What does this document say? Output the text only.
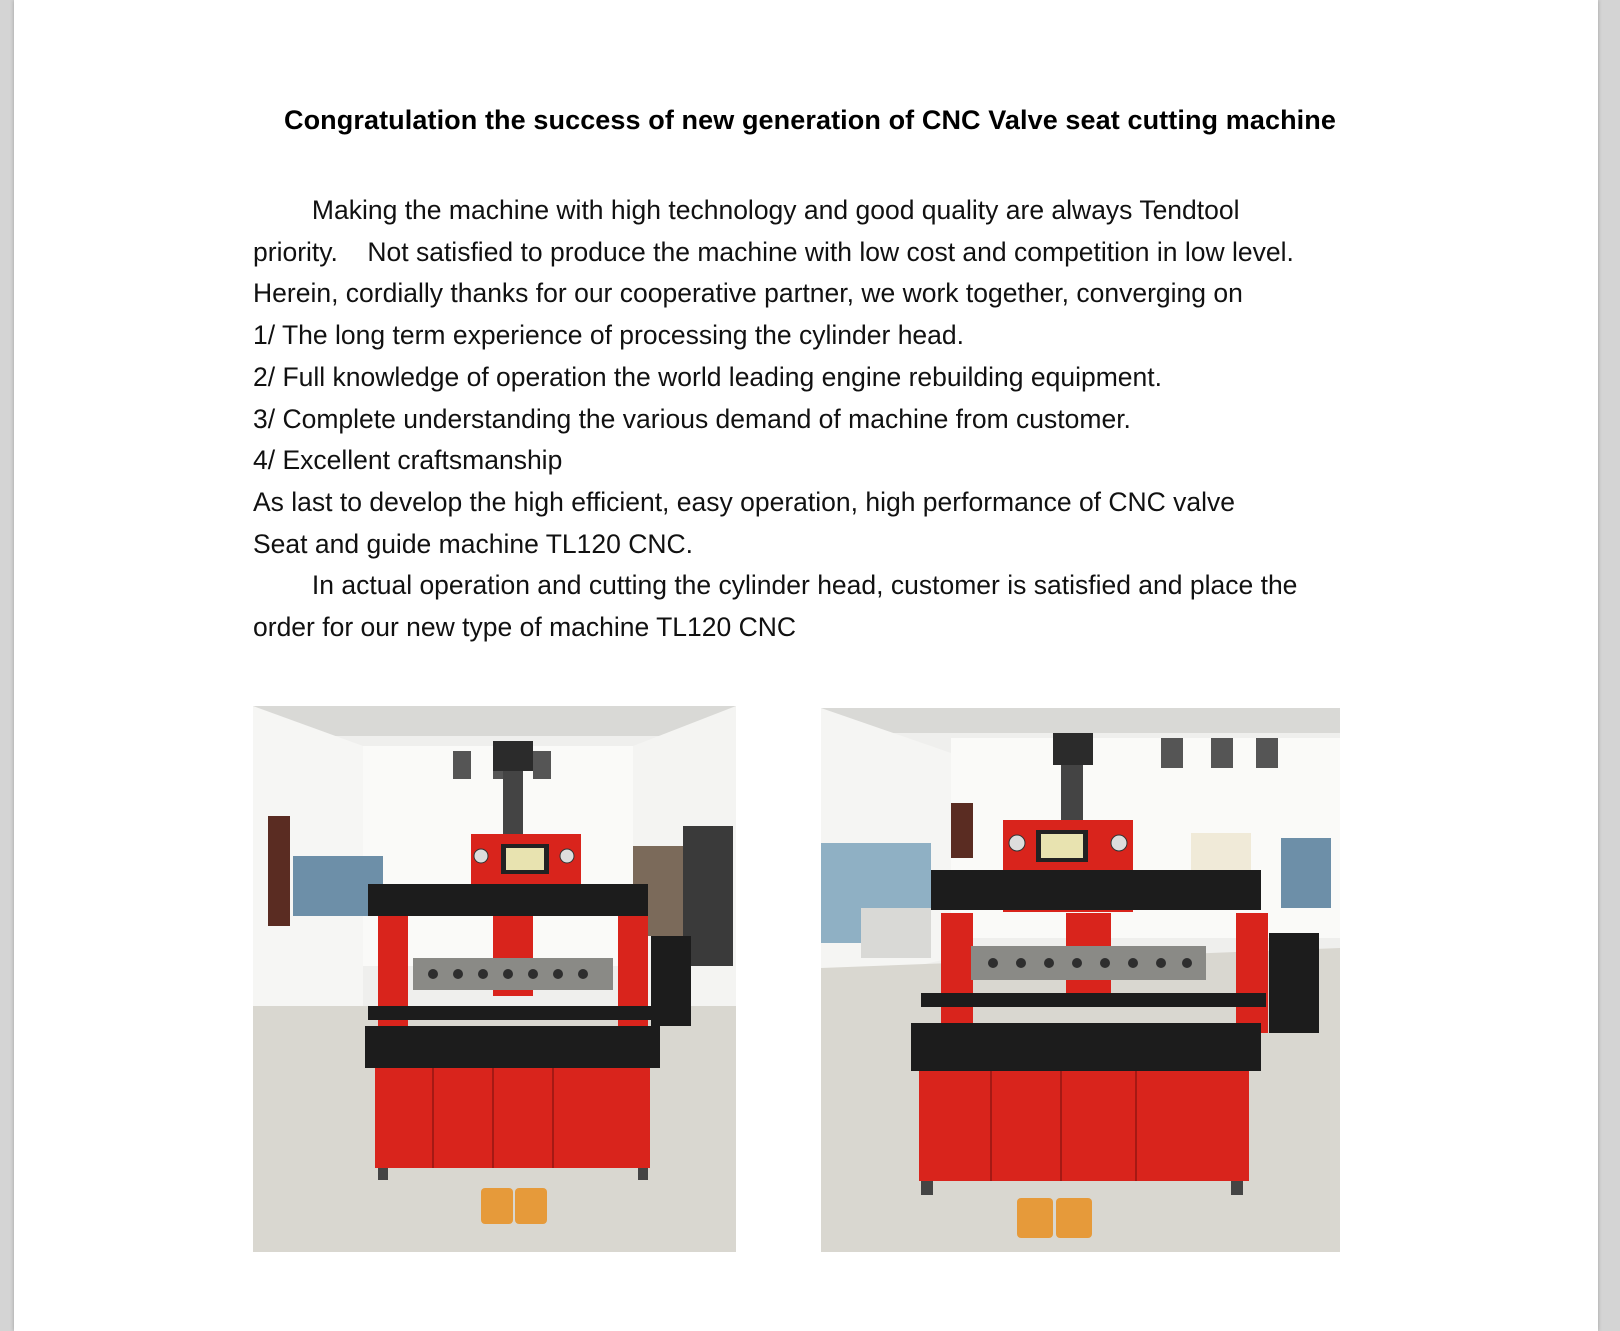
Congratulation the success of new generation of CNC Valve seat cutting machine
Making the machine with high technology and good quality are always Tendtool
priority.    Not satisfied to produce the machine with low cost and competition in low level.
Herein, cordially thanks for our cooperative partner, we work together, converging on
1/ The long term experience of processing the cylinder head.
2/ Full knowledge of operation the world leading engine rebuilding equipment.
3/ Complete understanding the various demand of machine from customer.
4/ Excellent craftsmanship
As last to develop the high efficient, easy operation, high performance of CNC valve
Seat and guide machine TL120 CNC.
In actual operation and cutting the cylinder head, customer is satisfied and place the
order for our new type of machine TL120 CNC
